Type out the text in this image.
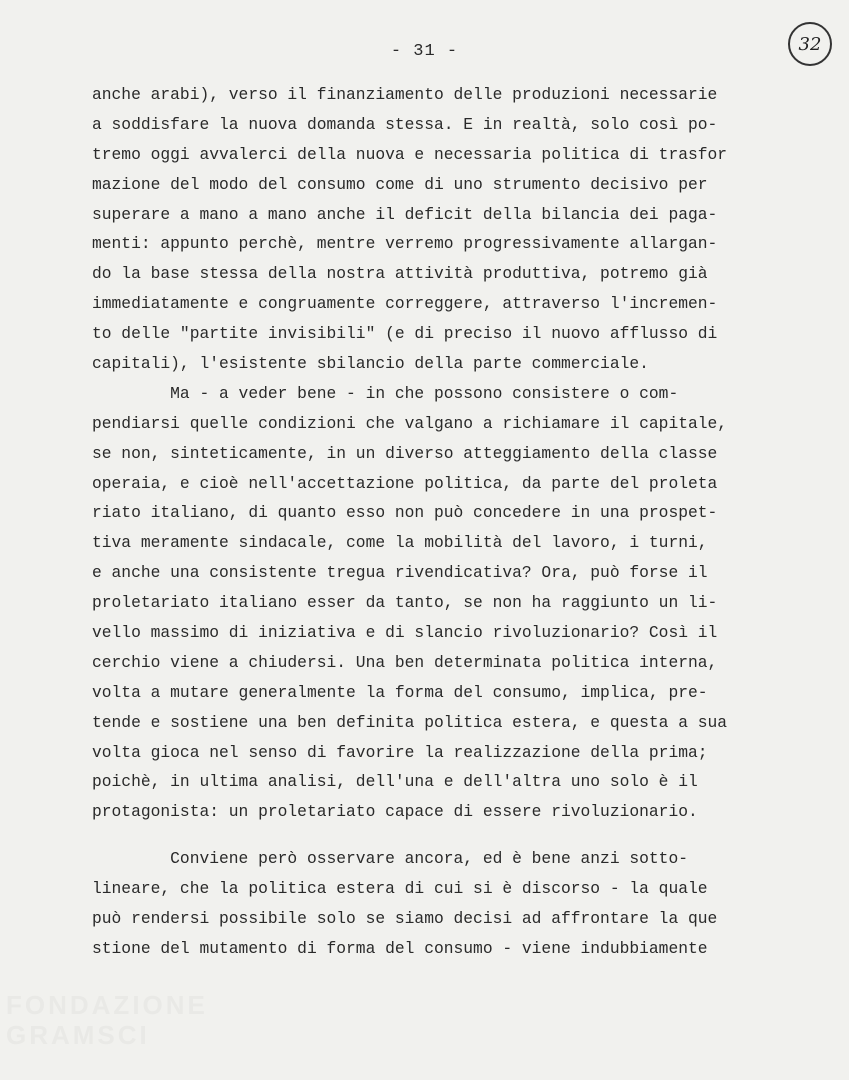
- 31 -	32
anche arabi), verso il finanziamento delle produzioni necessarie
a soddisfare la nuova domanda stessa. E in realtà, solo così po-
tremo oggi avvalerci della nuova e necessaria politica di trasfor
mazione del modo del consumo come di uno strumento decisivo per
superare a mano a mano anche il deficit della bilancia dei paga-
menti: appunto perchè, mentre verremo progressivamente allargan-
do la base stessa della nostra attività produttiva, potremo già
immediatamente e congruamente correggere, attraverso l'incremen-
to delle "partite invisibili" (e di preciso il nuovo afflusso di
capitali), l'esistente sbilancio della parte commerciale.
Ma - a veder bene - in che possono consistere o com-
pendiarsi quelle condizioni che valgano a richiamare il capitale,
se non, sinteticamente, in un diverso atteggiamento della classe
operaia, e cioè nell'accettazione politica, da parte del proleta
riato italiano, di quanto esso non può concedere in una prospet-
tiva meramente sindacale, come la mobilità del lavoro, i turni,
e anche una consistente tregua rivendicativa? Ora, può forse il
proletariato italiano esser da tanto, se non ha raggiunto un li-
vello massimo di iniziativa e di slancio rivoluzionario? Così il
cerchio viene a chiudersi. Una ben determinata politica interna,
volta a mutare generalmente la forma del consumo, implica, pre-
tende e sostiene una ben definita politica estera, e questa a sua
volta gioca nel senso di favorire la realizzazione della prima;
poichè, in ultima analisi, dell'una e dell'altra uno solo è il
protagonista: un proletariato capace di essere rivoluzionario.
Conviene però osservare ancora, ed è bene anzi sotto-
lineare, che la politica estera di cui si è discorso - la quale
può rendersi possibile solo se siamo decisi ad affrontare la que
stione del mutamento di forma del consumo - viene indubbiamente
FONDAZIONE
GRAMSCI
